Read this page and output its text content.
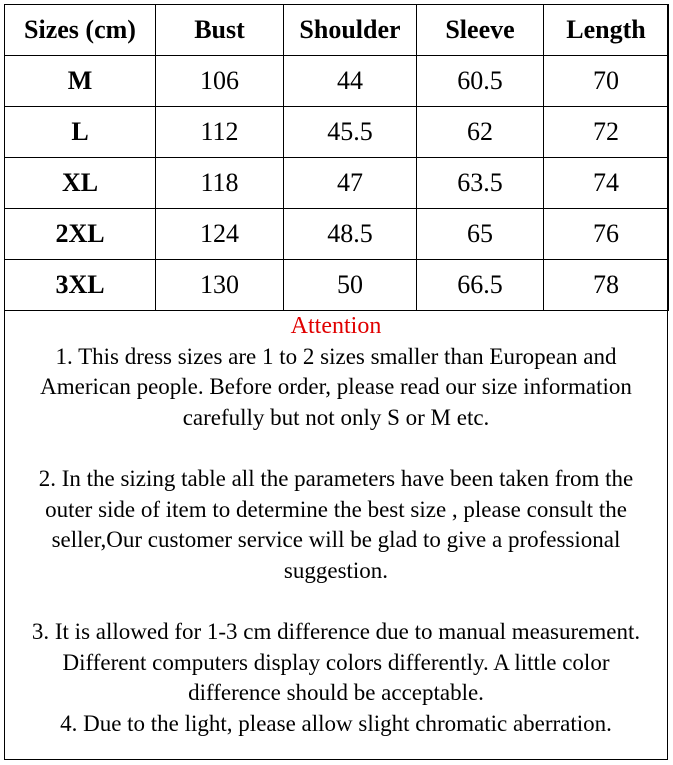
Sizes (cm)	Bust	Shoulder	Sleeve	Length
M	106	44	60.5	70
L	112	45.5	62	72
XL	118	47	63.5	74
2XL	124	48.5	65	76
3XL	130	50	66.5	78
Attention
1. This dress sizes are 1 to 2 sizes smaller than European and
American people. Before order, please read our size information
carefully but not only S or M etc.
2. In the sizing table all the parameters have been taken from the
outer side of item to determine the best size , please consult the
seller,Our customer service will be glad to give a professional
suggestion.
3. It is allowed for 1-3 cm difference due to manual measurement.
Different computers display colors differently. A little color
difference should be acceptable.
4. Due to the light, please allow slight chromatic aberration.
